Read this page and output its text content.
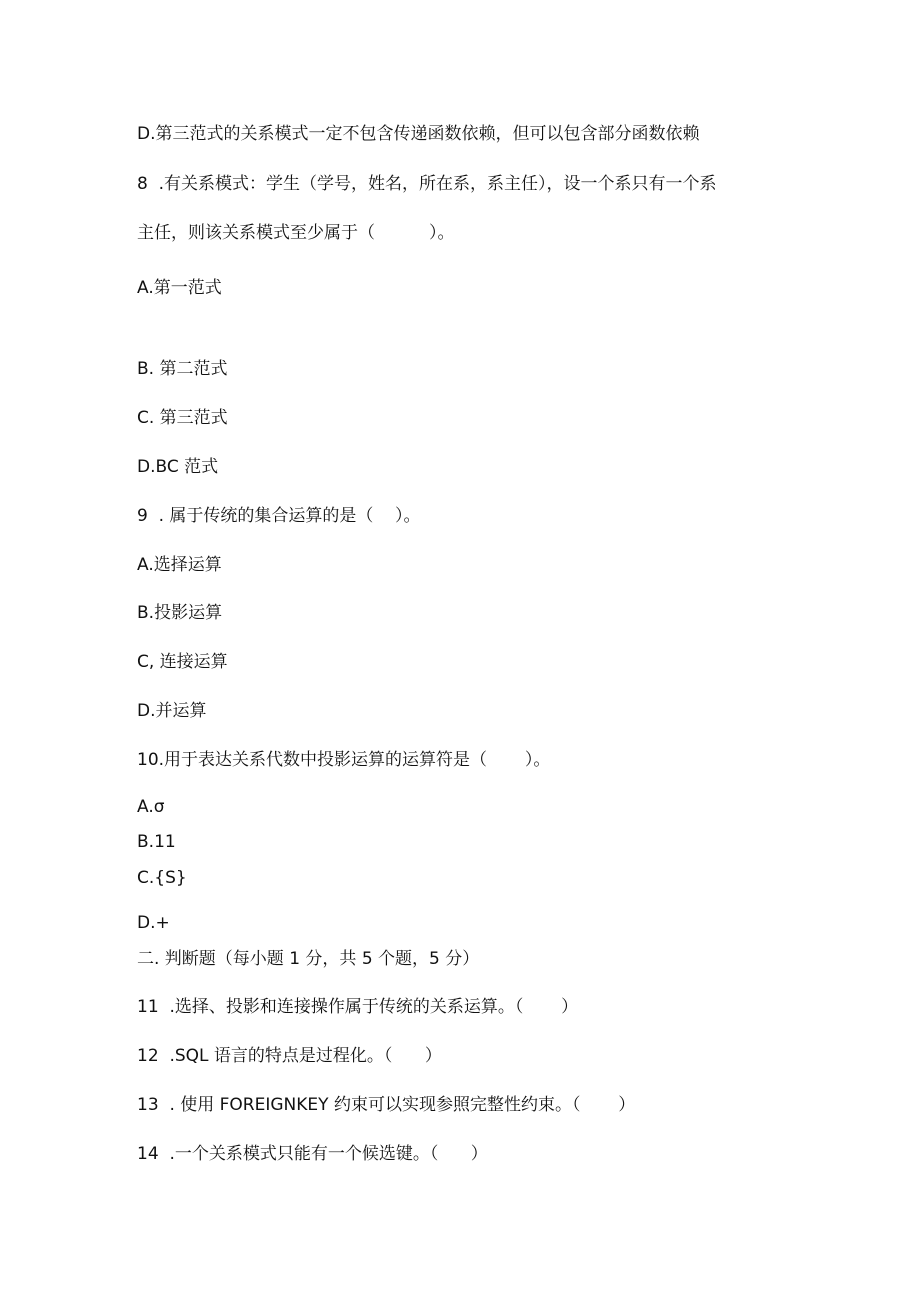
D.第三范式的关系模式一定不包含传递函数依赖，但可以包含部分函数依赖
8  .有关系模式：学生（学号，姓名，所在系，系主任），设一个系只有一个系
主任，则该关系模式至少属于（          ）。
A.第一范式
B. 第二范式
C. 第三范式
D.BC 范式
9  . 属于传统的集合运算的是（    ）。
A.选择运算
B.投影运算
C, 连接运算
D.并运算
10.用于表达关系代数中投影运算的运算符是（       ）。
A.σ
B.11
C.{S}
D.+
二. 判断题（每小题 1 分，共 5 个题，5 分）
11  .选择、投影和连接操作属于传统的关系运算。（       ）
12  .SQL 语言的特点是过程化。（      ）
13  . 使用 FOREIGNKEY 约束可以实现参照完整性约束。（       ）
14  .一个关系模式只能有一个候选键。（      ）
